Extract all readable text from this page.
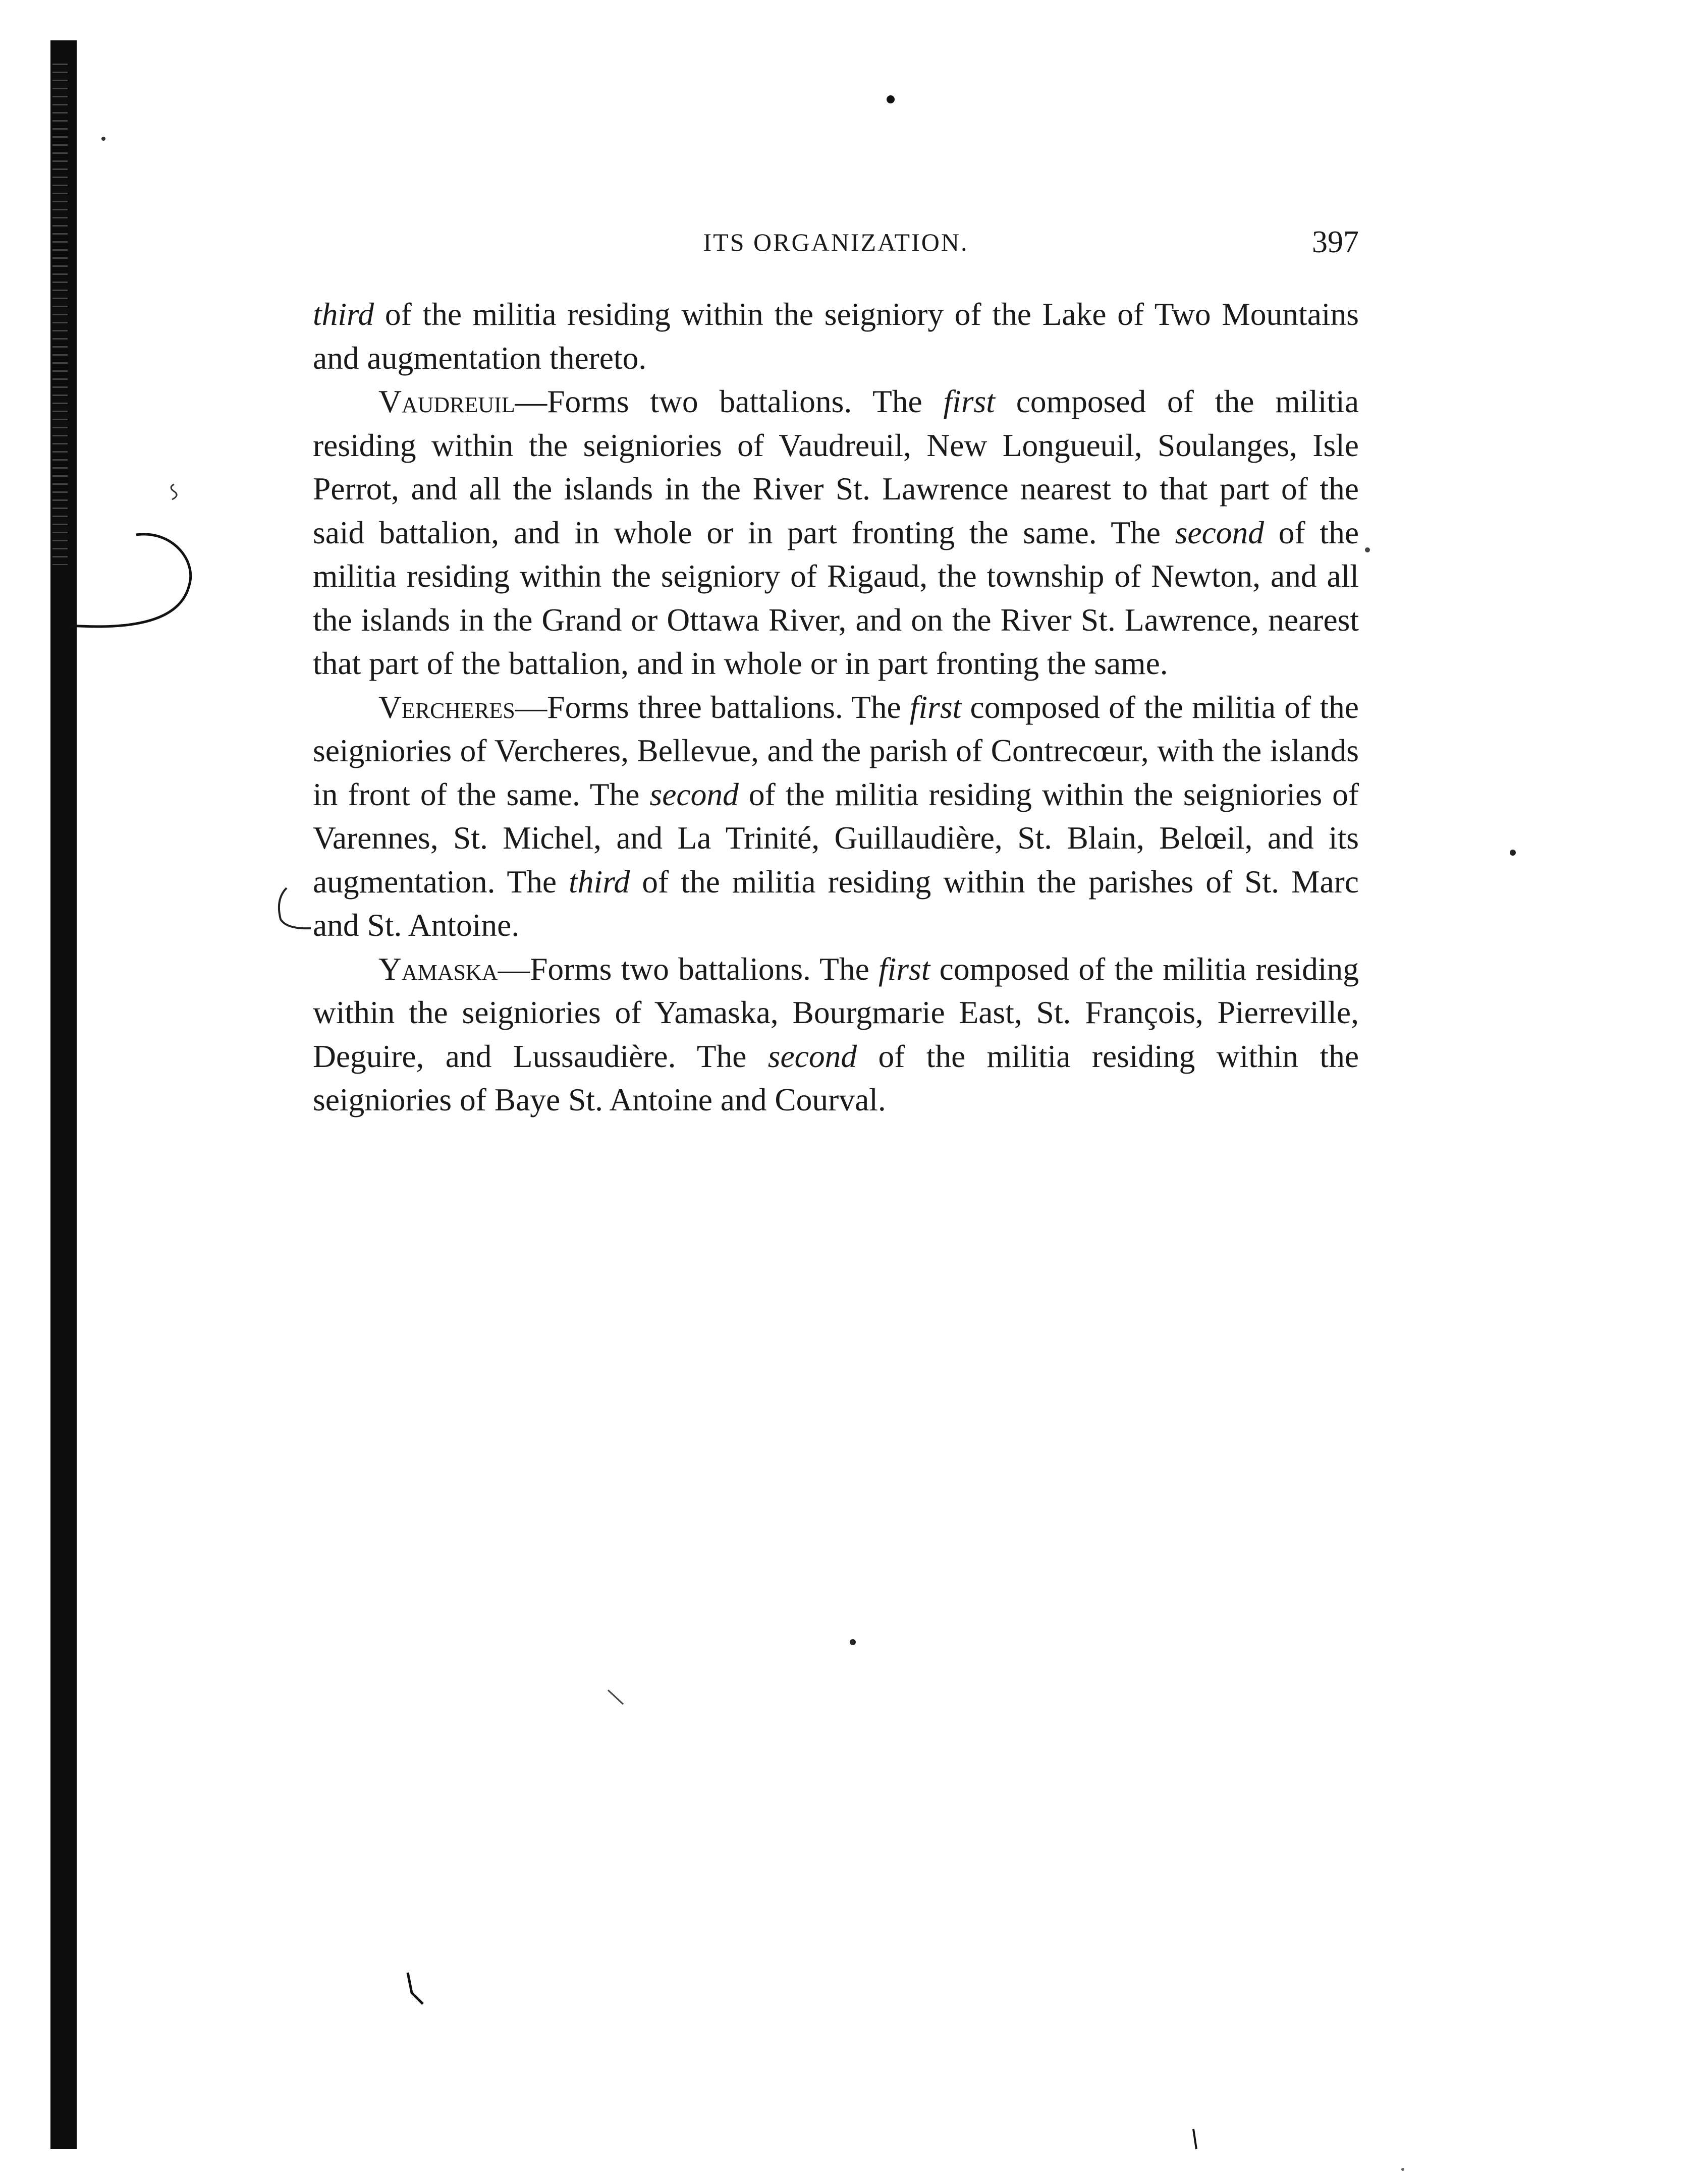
ITS ORGANIZATION.	397

third of the militia residing within the seigniory of the Lake of Two Mountains and augmentation thereto.

Vaudreuil—Forms two battalions. The first composed of the militia residing within the seigniories of Vaudreuil, New Longueuil, Soulanges, Isle Perrot, and all the islands in the River St. Lawrence nearest to that part of the said battalion, and in whole or in part fronting the same. The second of the militia residing within the seigniory of Rigaud, the township of Newton, and all the islands in the Grand or Ottawa River, and on the River St. Lawrence, nearest that part of the battalion, and in whole or in part fronting the same.

Vercheres—Forms three battalions. The first composed of the militia of the seigniories of Vercheres, Bellevue, and the parish of Contrecœur, with the islands in front of the same. The second of the militia residing within the seigniories of Varennes, St. Michel, and La Trinité, Guillaudière, St. Blain, Belœil, and its augmentation. The third of the militia residing within the parishes of St. Marc and St. Antoine.

Yamaska—Forms two battalions. The first composed of the militia residing within the seigniories of Yamaska, Bourgmarie East, St. François, Pierreville, Deguire, and Lussaudière. The second of the militia residing within the seigniories of Baye St. Antoine and Courval.
